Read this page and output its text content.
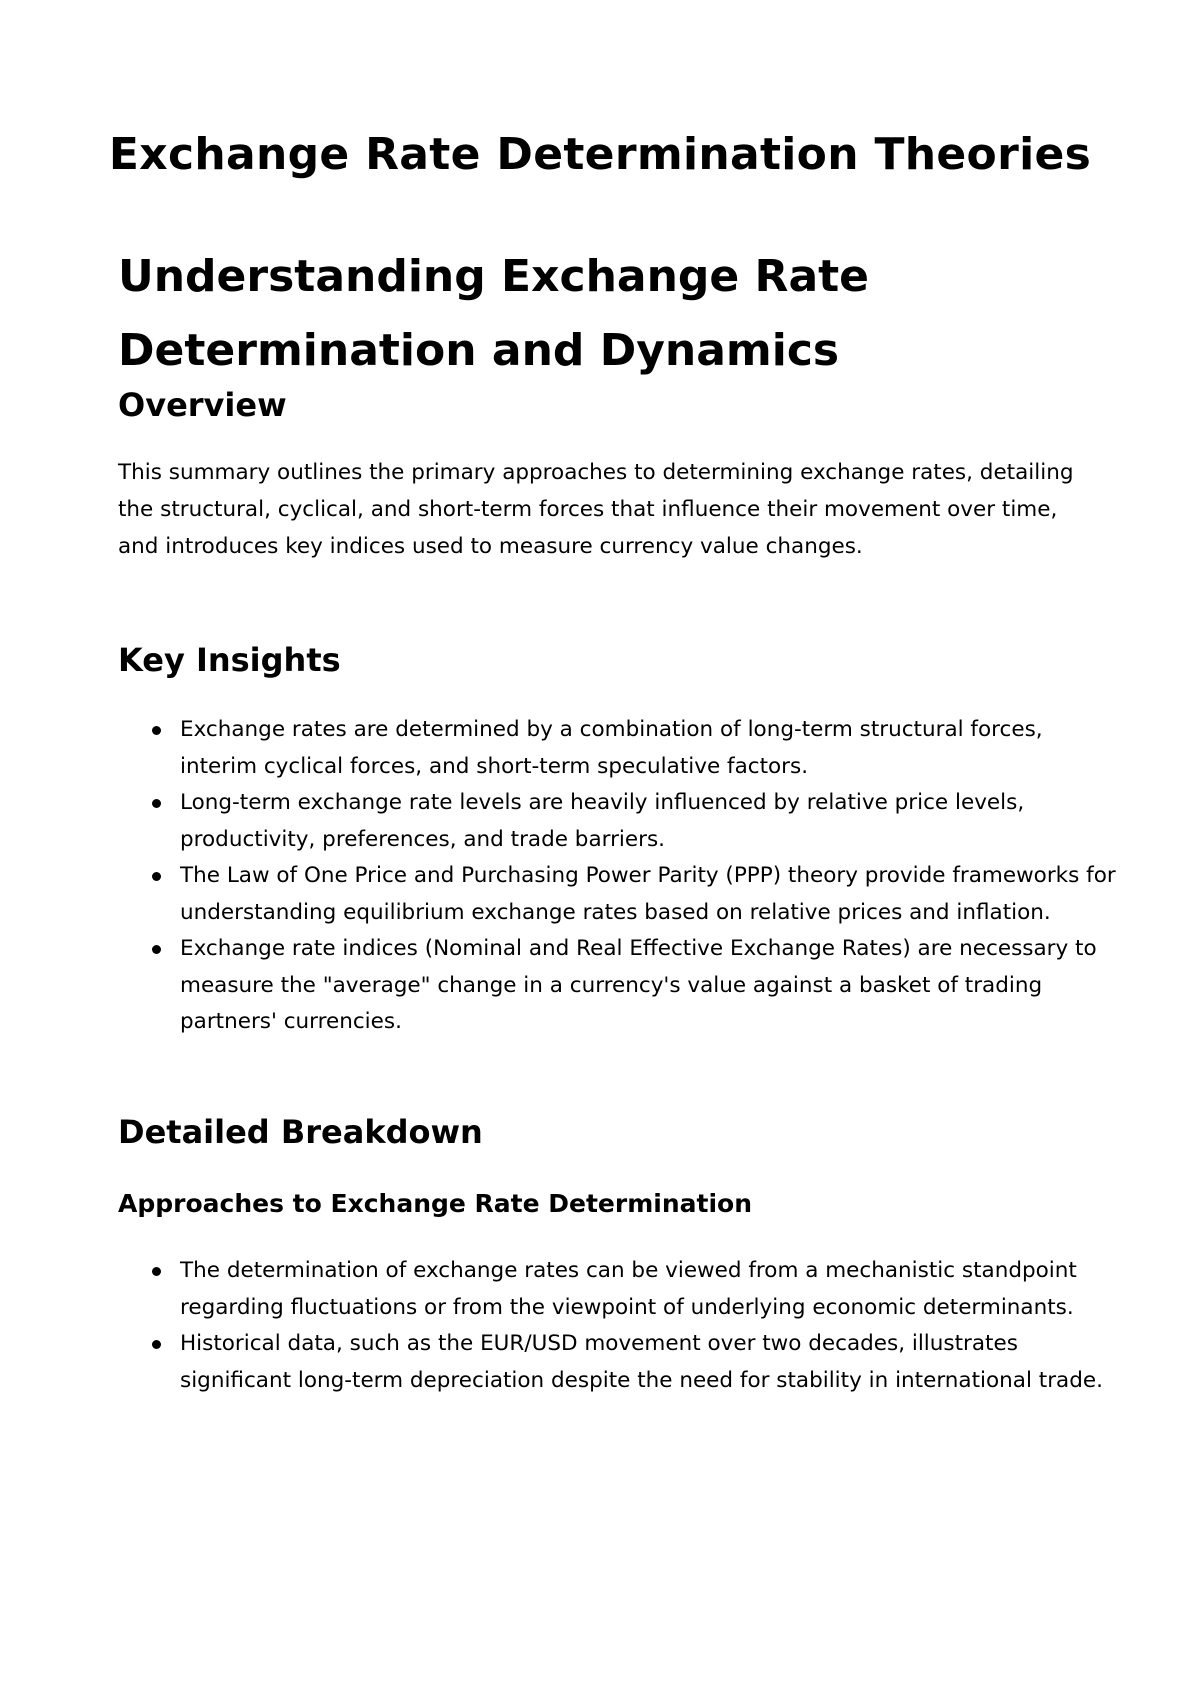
Exchange Rate Determination Theories
Understanding Exchange Rate Determination and Dynamics
Overview

This summary outlines the primary approaches to determining exchange rates, detailing the structural, cyclical, and short-term forces that influence their movement over time, and introduces key indices used to measure currency value changes.

Key Insights
Exchange rates are determined by a combination of long-term structural forces, interim cyclical forces, and short-term speculative factors.
Long-term exchange rate levels are heavily influenced by relative price levels, productivity, preferences, and trade barriers.
The Law of One Price and Purchasing Power Parity (PPP) theory provide frameworks for understanding equilibrium exchange rates based on relative prices and inflation.
Exchange rate indices (Nominal and Real Effective Exchange Rates) are necessary to measure the "average" change in a currency's value against a basket of trading partners' currencies.
Detailed Breakdown
Approaches to Exchange Rate Determination
The determination of exchange rates can be viewed from a mechanistic standpoint regarding fluctuations or from the viewpoint of underlying economic determinants.
Historical data, such as the EUR/USD movement over two decades, illustrates significant long-term depreciation despite the need for stability in international trade.
